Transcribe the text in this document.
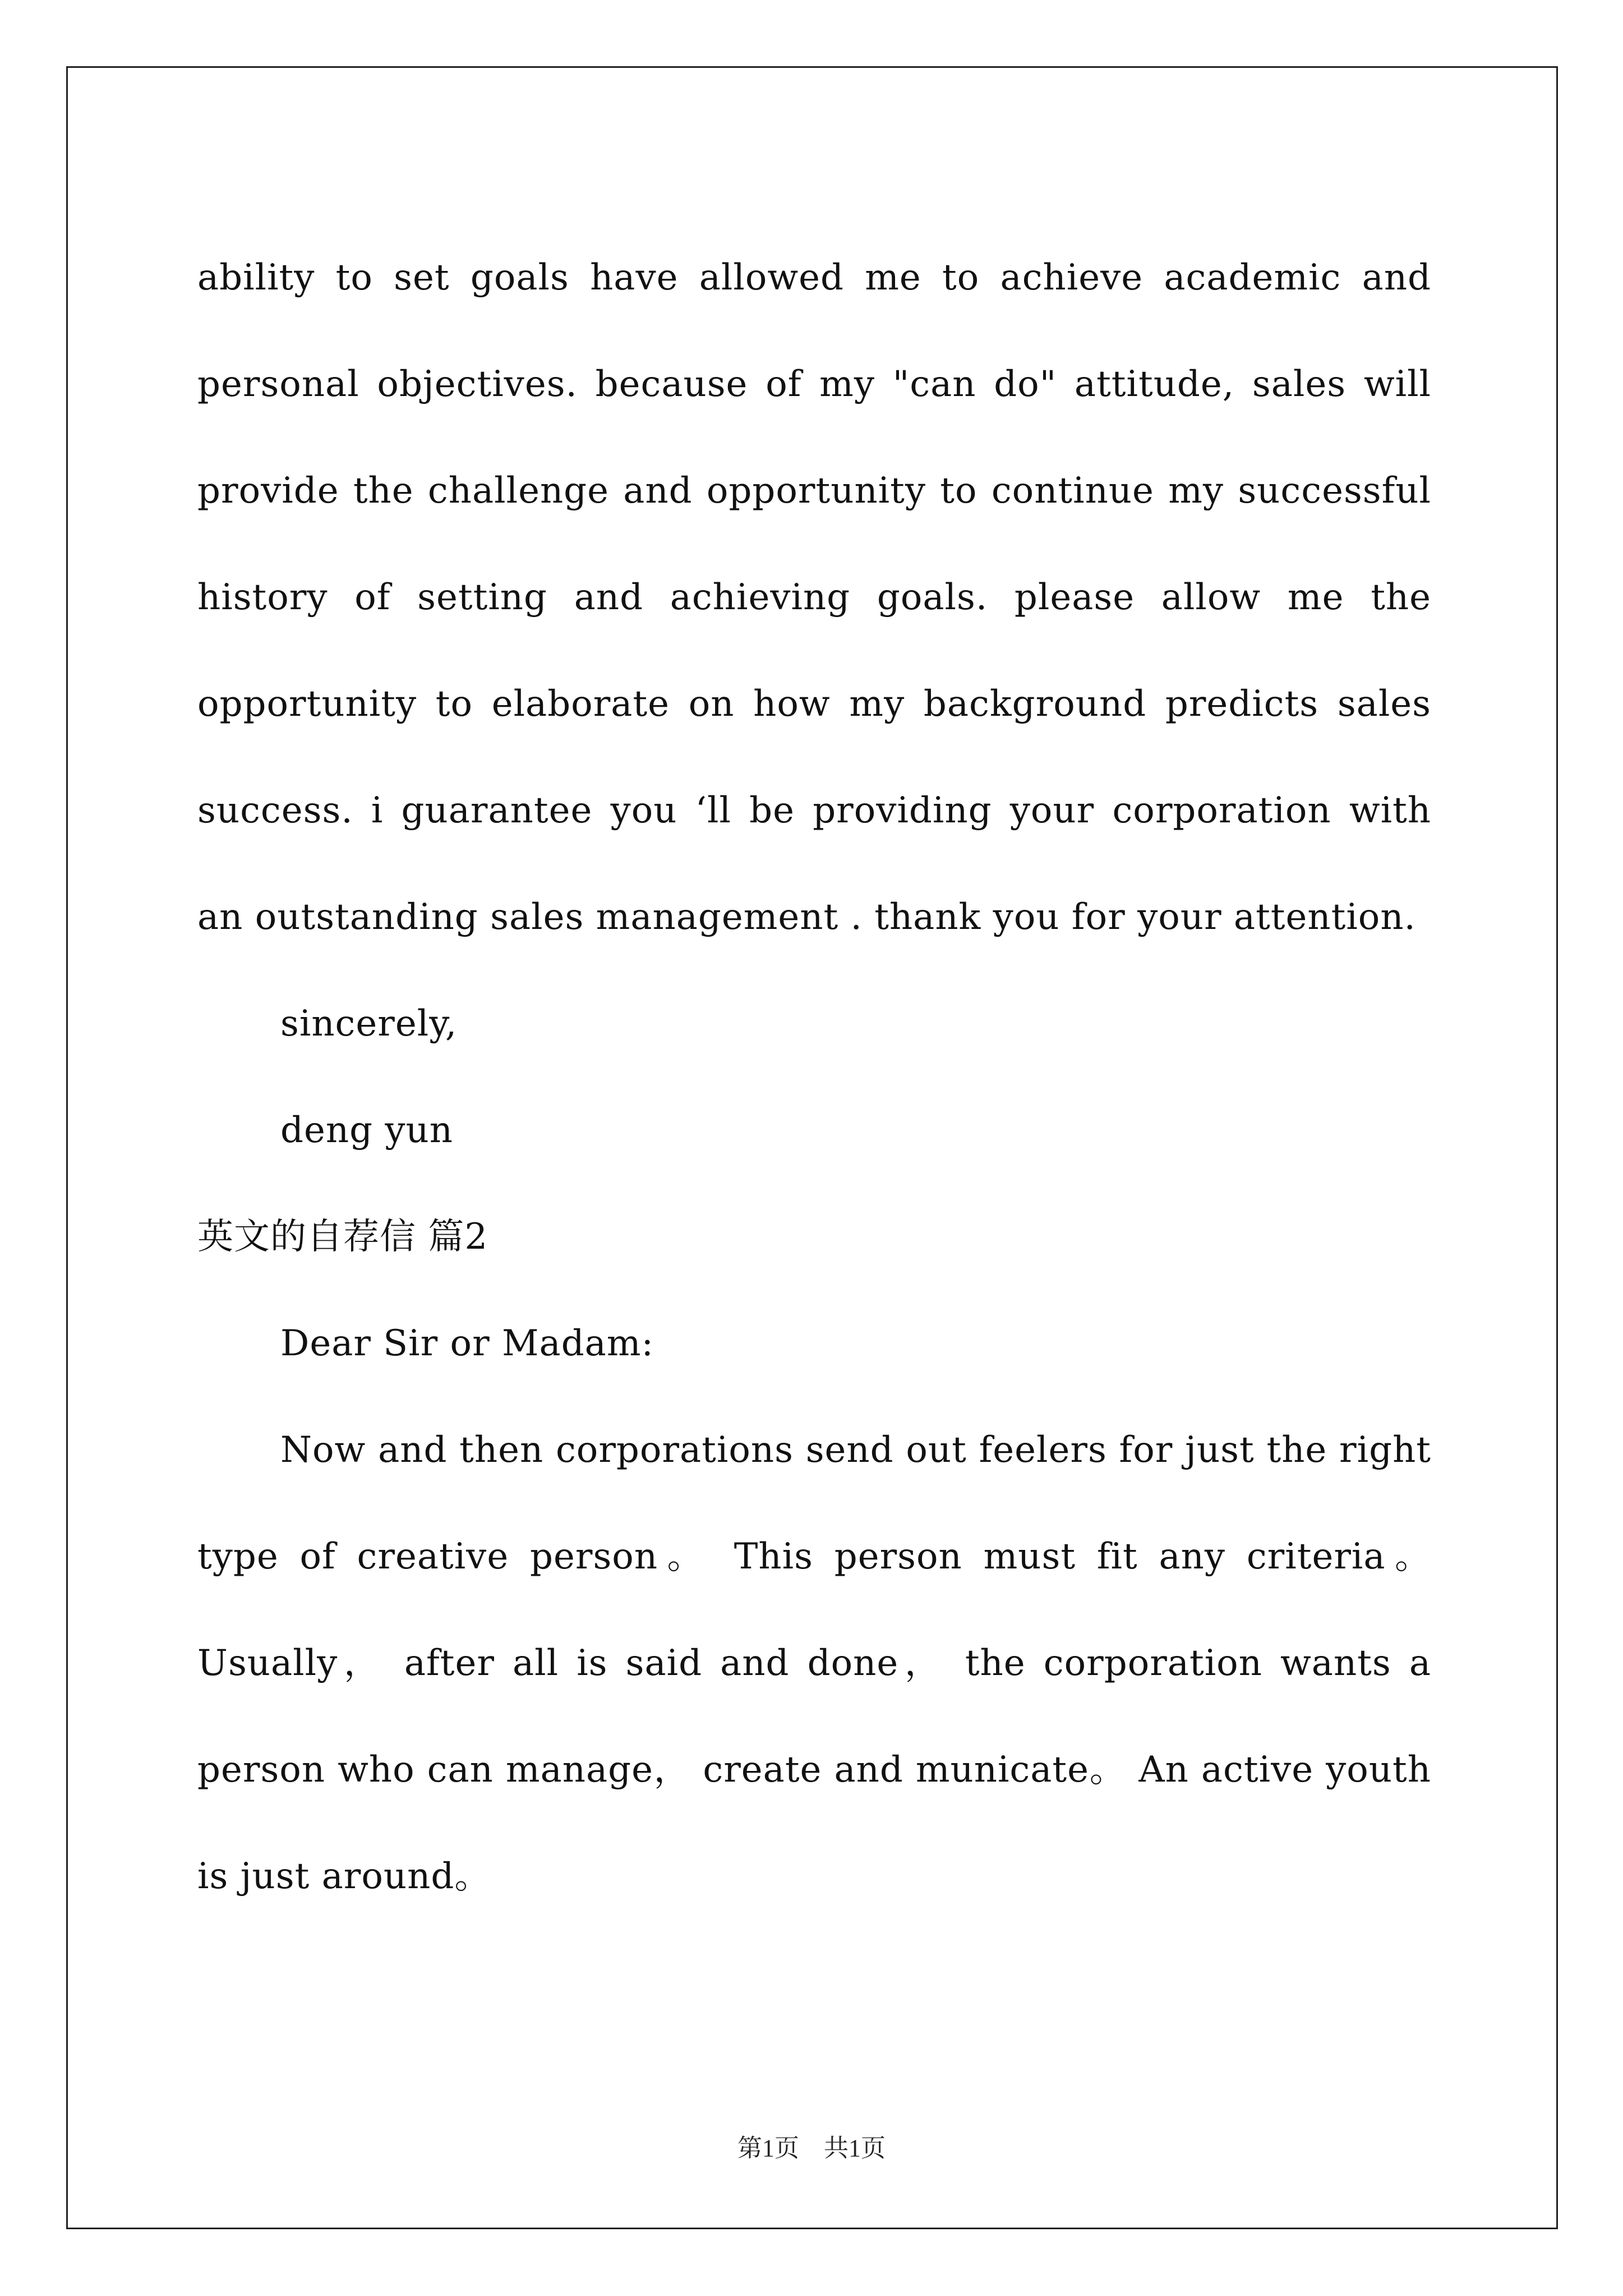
ability to set goals have allowed me to achieve academic and personal objectives. because of my "can do" attitude, sales will provide the challenge and opportunity to continue my successful history of setting and achieving goals. please allow me the opportunity to elaborate on how my background predicts sales success. i guarantee you ‘ll be providing your corporation with an outstanding sales management . thank you for your attention.

sincerely,

deng yun

英文的自荐信 篇2

Dear Sir or Madam:

Now and then corporations send out feelers for just the right type of creative person。 This person must fit any criteria。 Usually， after all is said and done， the corporation wants a person who can manage， create and municate。 An active youth is just around。

第1页　共1页
